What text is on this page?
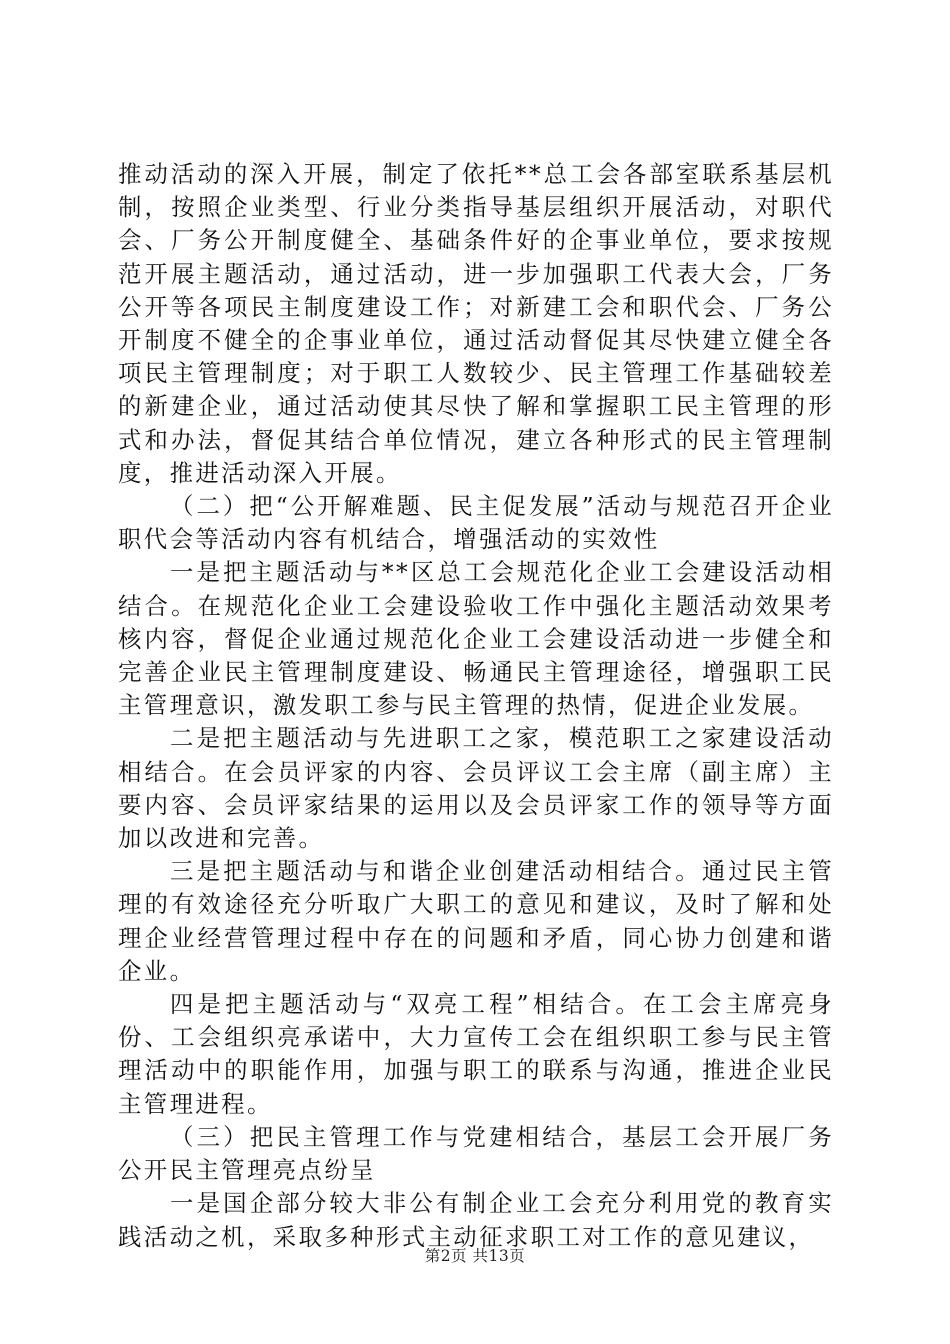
推动活动的深入开展，制定了依托**总工会各部室联系基层机制，按照企业类型、行业分类指导基层组织开展活动，对职代会、厂务公开制度健全、基础条件好的企事业单位，要求按规范开展主题活动，通过活动，进一步加强职工代表大会，厂务公开等各项民主制度建设工作；对新建工会和职代会、厂务公开制度不健全的企事业单位，通过活动督促其尽快建立健全各项民主管理制度；对于职工人数较少、民主管理工作基础较差的新建企业，通过活动使其尽快了解和掌握职工民主管理的形式和办法，督促其结合单位情况，建立各种形式的民主管理制度，推进活动深入开展。

（二）把“公开解难题、民主促发展”活动与规范召开企业职代会等活动内容有机结合，增强活动的实效性

一是把主题活动与**区总工会规范化企业工会建设活动相结合。在规范化企业工会建设验收工作中强化主题活动效果考核内容，督促企业通过规范化企业工会建设活动进一步健全和完善企业民主管理制度建设、畅通民主管理途径，增强职工民主管理意识，激发职工参与民主管理的热情，促进企业发展。

二是把主题活动与先进职工之家，模范职工之家建设活动相结合。在会员评家的内容、会员评议工会主席（副主席）主要内容、会员评家结果的运用以及会员评家工作的领导等方面加以改进和完善。

三是把主题活动与和谐企业创建活动相结合。通过民主管理的有效途径充分听取广大职工的意见和建议，及时了解和处理企业经营管理过程中存在的问题和矛盾，同心协力创建和谐企业。

四是把主题活动与“双亮工程”相结合。在工会主席亮身份、工会组织亮承诺中，大力宣传工会在组织职工参与民主管理活动中的职能作用，加强与职工的联系与沟通，推进企业民主管理进程。

（三）把民主管理工作与党建相结合，基层工会开展厂务公开民主管理亮点纷呈

一是国企部分较大非公有制企业工会充分利用党的教育实践活动之机，采取多种形式主动征求职工对工作的意见建议，

第2页 共13页
